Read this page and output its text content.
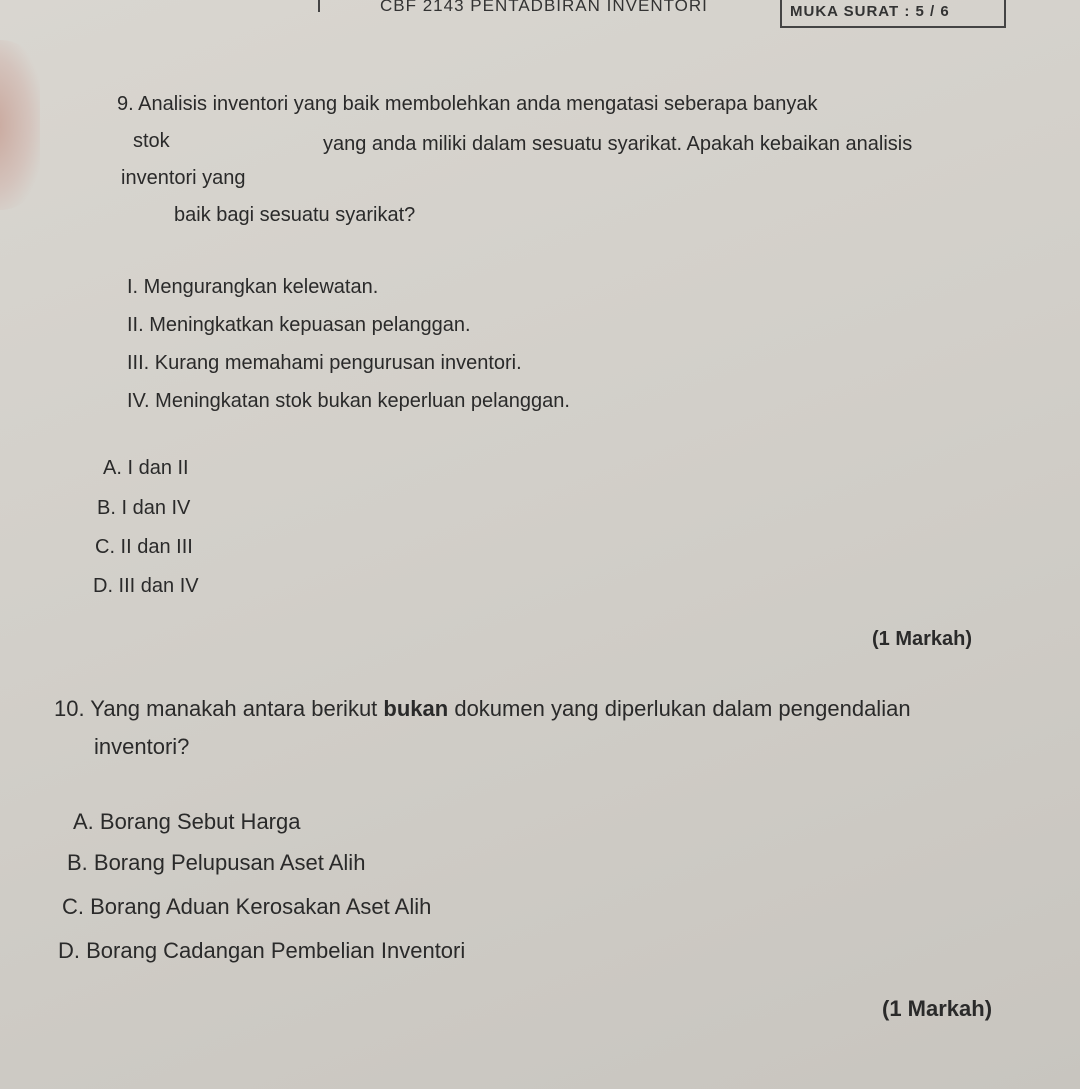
CBF 2143 PENTADBIRAN INVENTORI	MUKA SURAT : 5 / 6
9. Analisis inventori yang baik membolehkan anda mengatasi seberapa banyak
stok	yang anda miliki dalam sesuatu syarikat. Apakah kebaikan analisis
inventori yang
baik bagi sesuatu syarikat?
I. Mengurangkan kelewatan.
II. Meningkatkan kepuasan pelanggan.
III. Kurang memahami pengurusan inventori.
IV. Meningkatan stok bukan keperluan pelanggan.
A. I dan II
B. I dan IV
C. II dan III
D. III dan IV
(1 Markah)
10. Yang manakah antara berikut bukan dokumen yang diperlukan dalam pengendalian
inventori?
A. Borang Sebut Harga
B. Borang Pelupusan Aset Alih
C. Borang Aduan Kerosakan Aset Alih
D. Borang Cadangan Pembelian Inventori
(1 Markah)
